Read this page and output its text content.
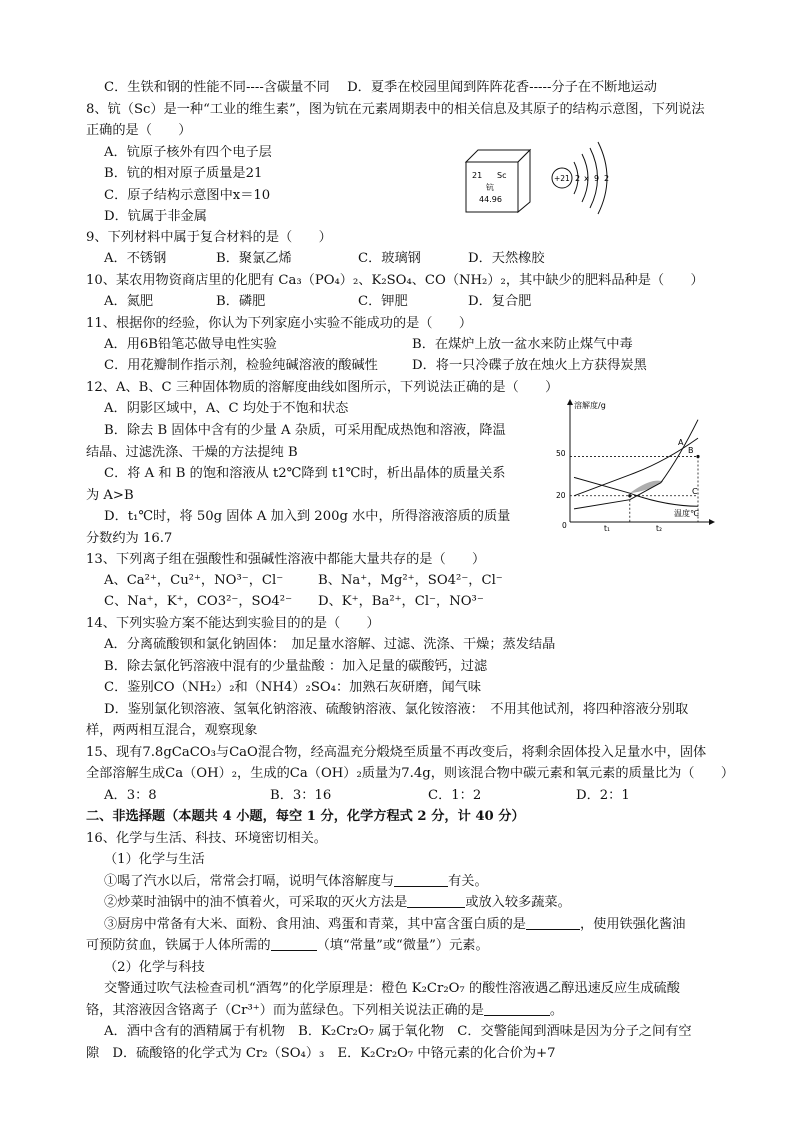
C．生铁和钢的性能不同----含碳量不同　 D．夏季在校园里闻到阵阵花香-----分子在不断地运动
8、钪（Sc）是一种“工业的维生素”，图为钪在元素周期表中的相关信息及其原子的结构示意图，下列说法
正确的是（　　）
A．钪原子核外有四个电子层
B．钪的相对原子质量是21
C．原子结构示意图中x＝10
D．钪属于非金属
21 Sc
钪
44.96
+21 2 x 9 2
9、下列材料中属于复合材料的是（　　）
A．不锈钢	B．聚氯乙烯	C．玻璃钢	D．天然橡胶
10、某农用物资商店里的化肥有 Ca₃（PO₄）₂、K₂SO₄、CO（NH₂）₂，其中缺少的肥料品种是（　　）
A．氮肥	B．磷肥	C．钾肥	D．复合肥
11、根据你的经验，你认为下列家庭小实验不能成功的是（　　）
A．用6B铅笔芯做导电性实验	B．在煤炉上放一盆水来防止煤气中毒
C．用花瓣制作指示剂，检验纯碱溶液的酸碱性	D．将一只冷碟子放在烛火上方获得炭黑
12、A、B、C 三种固体物质的溶解度曲线如图所示，下列说法正确的是（　　）
A．阴影区域中，A、C 均处于不饱和状态
B．除去 B 固体中含有的少量 A 杂质，可采用配成热饱和溶液，降温
结晶、过滤洗涤、干燥的方法提纯 B
C．将 A 和 B 的饱和溶液从 t2℃降到 t1℃时，析出晶体的质量关系
为 A>B
D．t₁℃时，将 50g 固体 A 加入到 200g 水中，所得溶液溶质的质量
分数约为 16.7
溶解度/g
温度℃
50
20
0	t₁	t₂
A
B
C
13、下列离子组在强酸性和强碱性溶液中都能大量共存的是（　　）
A、Ca²⁺，Cu²⁺，NO³⁻，Cl⁻	B、Na⁺，Mg²⁺，SO4²⁻，Cl⁻
C、Na⁺，K⁺，CO3²⁻，SO4²⁻ D、K⁺，Ba²⁺，Cl⁻，NO³⁻
14、下列实验方案不能达到实验目的的是（　　）
A．分离硫酸钡和氯化钠固体：　加足量水溶解、过滤、洗涤、干燥；蒸发结晶
B．除去氯化钙溶液中混有的少量盐酸 ：加入足量的碳酸钙，过滤
C．鉴别CO（NH₂）₂和（NH4）₂SO₄：加熟石灰研磨，闻气味
D．鉴别氯化钡溶液、氢氧化钠溶液、硫酸钠溶液、氯化铵溶液：　不用其他试剂，将四种溶液分别取
样，两两相互混合，观察现象
15、现有7.8gCaCO₃与CaO混合物，经高温充分煅烧至质量不再改变后，将剩余固体投入足量水中，固体
全部溶解生成Ca（OH）₂，生成的Ca（OH）₂质量为7.4g，则该混合物中碳元素和氧元素的质量比为（　　）
A．3：8	B．3：16	C．1：2	D．2：1
二、非选择题（本题共 4 小题，每空 1 分，化学方程式 2 分，计 40 分）
16、化学与生活、科技、环境密切相关。
（1）化学与生活
①喝了汽水以后，常常会打嗝，说明气体溶解度与	有关。
②炒菜时油锅中的油不慎着火，可采取的灭火方法是	或放入较多蔬菜。
③厨房中常备有大米、面粉、食用油、鸡蛋和青菜，其中富含蛋白质的是	，使用铁强化酱油
可预防贫血，铁属于人体所需的	（填“常量”或“微量”）元素。
（2）化学与科技
交警通过吹气法检查司机“酒驾”的化学原理是：橙色 K₂Cr₂O₇ 的酸性溶液遇乙醇迅速反应生成硫酸
铬，其溶液因含铬离子（Cr³⁺）而为蓝绿色。下列相关说法正确的是	。
A．酒中含有的酒精属于有机物　B．K₂Cr₂O₇ 属于氧化物　C．交警能闻到酒味是因为分子之间有空
隙　D．硫酸铬的化学式为 Cr₂（SO₄）₃　E．K₂Cr₂O₇ 中铬元素的化合价为+7
